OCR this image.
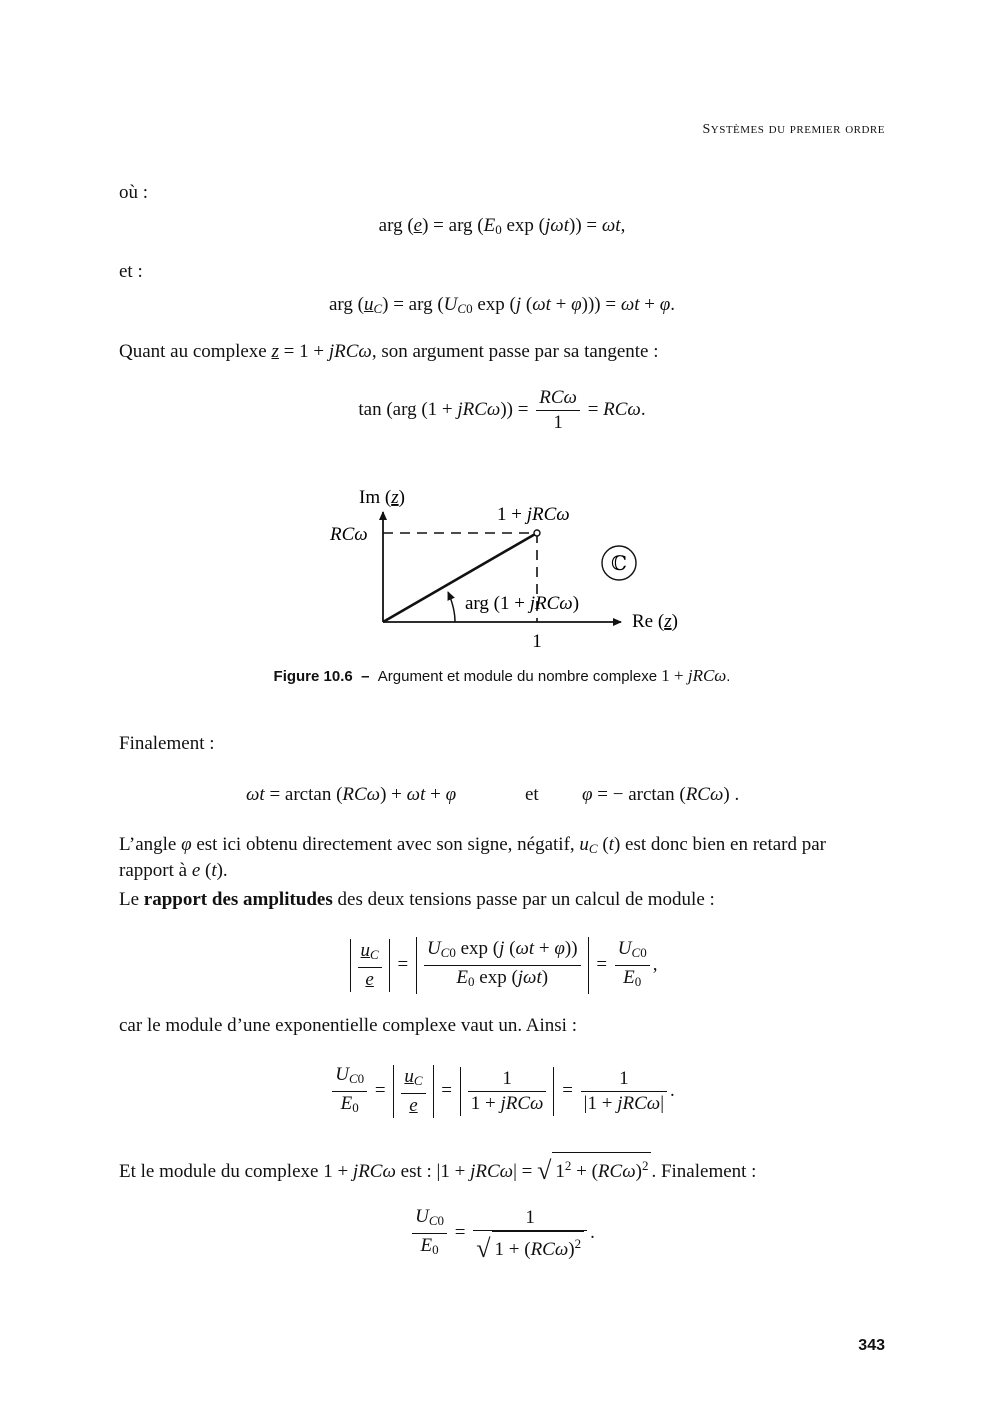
Systèmes du premier ordre
où :
arg (e) = arg ($E_0$ exp (jωt)) = ωt,
et :
arg $(u_C)$ = arg ($U_{C0}$ exp (j (ωt + φ))) = ωt + φ.
Quant au complexe z = 1 + jRCω, son argument passe par sa tangente :
tan (arg $(1 + jRC\omega)) = \frac{\text{RCω}}{1} = RC\omega$.
ℂ
Im (z)
1 + jRCω
RCω
arg (1 + jRCω)
Re (z)
1
Figure 10.6 –  Argument et module du nombre complexe 1 + jRCω.
Finalement :
ωt = arctan (RCω) + ωt + φ	et φ = − arctan (RCω) .
L’angle φ est ici obtenu directement avec son signe, négatif, $u_C$ (t) est donc bien en retard par
rapport à e (t).
Le rapport des amplitudes des deux tensions passe par un calcul de module :
$\frac{u_C}{e} = \frac{U_{C0} \exp (j (\omega t + \varphi))}{E_0 \exp (j\omega t)} = \frac{U_{C0}}{E_0}$ ,
car le module d’une exponentielle complexe vaut un. Ainsi :
$\frac{U_{C0}}{E_0} = \frac{u_C}{e} = \frac{1}{\text{1 + jRCω}} = \frac{1}{\text{|1 + jRCω|}}$ .
Et le module du complexe 1 + jRCω est : |1 + jRCω| = √ $1^2 + (RC\omega)^2$ . Finalement :
$\frac{U_{C0}}{E_0} = \frac{1}{√ 1 + (RC\omega)^2}$ .
343
